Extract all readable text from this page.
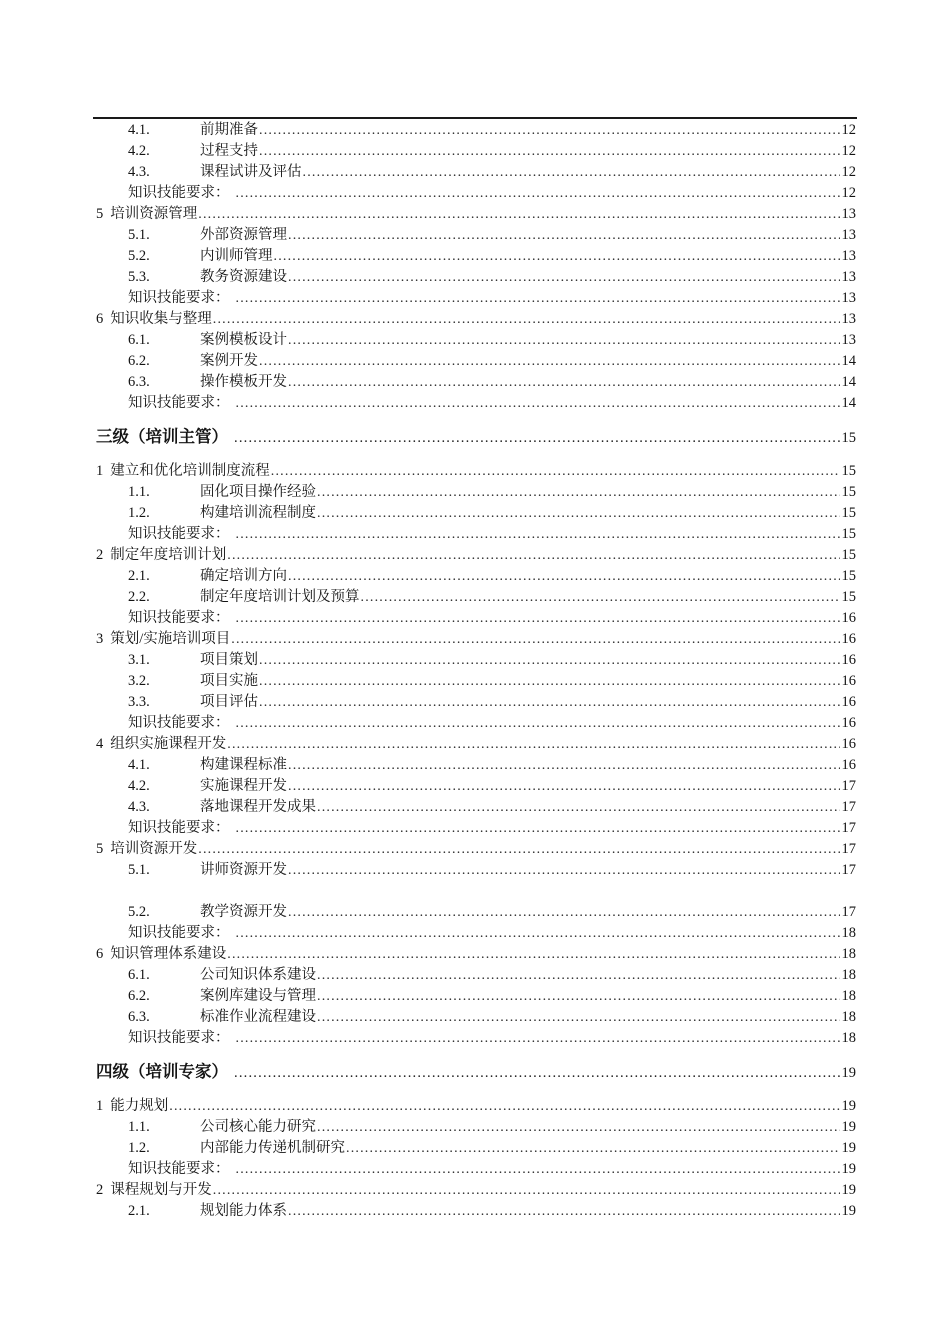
4.1.	前期准备 .....	12
4.2.	过程支持 .....	12
4.3.	课程试讲及评估 .....	12
知识技能要求： .....	12
5 培训资源管理 .....	13
5.1.	外部资源管理 .....	13
5.2.	内训师管理 .....	13
5.3.	教务资源建设 .....	13
知识技能要求： .....	13
6 知识收集与整理 .....	13
6.1.	案例模板设计 .....	13
6.2.	案例开发 .....	14
6.3.	操作模板开发 .....	14
知识技能要求： .....	14
三级（培训主管） .....	15
1 建立和优化培训制度流程 .....	15
1.1.	固化项目操作经验 .....	15
1.2.	构建培训流程制度 .....	15
知识技能要求： .....	15
2 制定年度培训计划 .....	15
2.1.	确定培训方向 .....	15
2.2.	制定年度培训计划及预算 .....	15
知识技能要求： .....	16
3 策划/实施培训项目 .....	16
3.1.	项目策划 .....	16
3.2.	项目实施 .....	16
3.3.	项目评估 .....	16
知识技能要求： .....	16
4 组织实施课程开发 .....	16
4.1.	构建课程标准 .....	16
4.2.	实施课程开发 .....	17
4.3.	落地课程开发成果 .....	17
知识技能要求： .....	17
5 培训资源开发 .....	17
5.1.	讲师资源开发 .....	17
5.2.	教学资源开发 .....	17
知识技能要求： .....	18
6 知识管理体系建设 .....	18
6.1.	公司知识体系建设 .....	18
6.2.	案例库建设与管理 .....	18
6.3.	标准作业流程建设 .....	18
知识技能要求： .....	18
四级（培训专家） .....	19
1 能力规划 .....	19
1.1.	公司核心能力研究 .....	19
1.2.	内部能力传递机制研究 .....	19
知识技能要求： .....	19
2 课程规划与开发 .....	19
2.1.	规划能力体系 .....	19
